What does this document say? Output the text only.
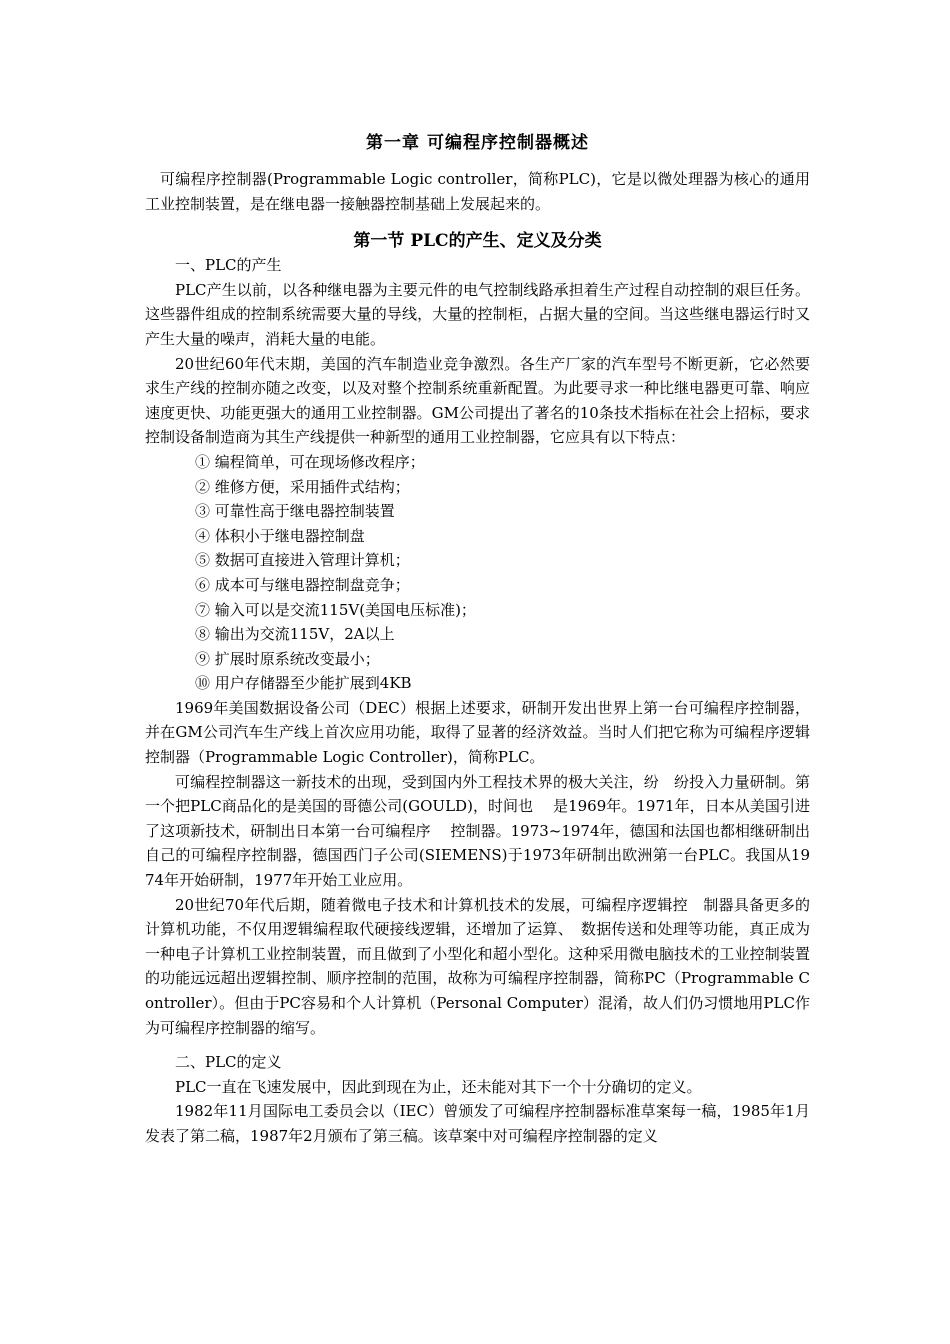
第一章 可编程序控制器概述

可编程序控制器(Programmable Logic controller，简称PLC)，它是以微处理器为核心的通用工业控制装置，是在继电器一接触器控制基础上发展起来的。

第一节 PLC的产生、定义及分类

一、PLC的产生

PLC产生以前，以各种继电器为主要元件的电气控制线路承担着生产过程自动控制的艰巨任务。这些器件组成的控制系统需要大量的导线，大量的控制柜，占据大量的空间。当这些继电器运行时又产生大量的噪声，消耗大量的电能。

20世纪60年代末期，美国的汽车制造业竞争激烈。各生产厂家的汽车型号不断更新，它必然要求生产线的控制亦随之改变，以及对整个控制系统重新配置。为此要寻求一种比继电器更可靠、响应速度更快、功能更强大的通用工业控制器。GM公司提出了著名的10条技术指标在社会上招标，要求控制设备制造商为其生产线提供一种新型的通用工业控制器，它应具有以下特点：

① 编程简单，可在现场修改程序；
② 维修方便，采用插件式结构；
③ 可靠性高于继电器控制装置
④ 体积小于继电器控制盘
⑤ 数据可直接进入管理计算机；
⑥ 成本可与继电器控制盘竞争；
⑦ 输入可以是交流115V(美国电压标准)；
⑧ 输出为交流115V，2A以上
⑨ 扩展时原系统改变最小；
⑩ 用户存储器至少能扩展到4KB

1969年美国数据设备公司（DEC）根据上述要求，研制开发出世界上第一台可编程序控制器，并在GM公司汽车生产线上首次应用功能，取得了显著的经济效益。当时人们把它称为可编程序逻辑控制器（Programmable Logic Controller)，简称PLC。

可编程控制器这一新技术的出现，受到国内外工程技术界的极大关注，纷　纷投入力量研制。第一个把PLC商品化的是美国的哥德公司(GOULD)，时间也　 是1969年。1971年，日本从美国引进了这项新技术，研制出日本第一台可编程序　 控制器。1973~1974年，德国和法国也都相继研制出自己的可编程序控制器，德国西门子公司(SIEMENS)于1973年研制出欧洲第一台PLC。我国从1974年开始研制，1977年开始工业应用。

20世纪70年代后期，随着微电子技术和计算机技术的发展，可编程序逻辑控　制器具备更多的计算机功能，不仅用逻辑编程取代硬接线逻辑，还增加了运算、　数据传送和处理等功能，真正成为一种电子计算机工业控制装置，而且做到了小型化和超小型化。这种采用微电脑技术的工业控制装置的功能远远超出逻辑控制、顺序控制的范围，故称为可编程序控制器，简称PC（Programmable Controller）。但由于PC容易和个人计算机（Personal Computer）混淆，故人们仍习惯地用PLC作为可编程序控制器的缩写。

二、PLC的定义

PLC一直在飞速发展中，因此到现在为止，还未能对其下一个十分确切的定义。

1982年11月国际电工委员会以（IEC）曾颁发了可编程序控制器标准草案每一稿，1985年1月发表了第二稿，1987年2月颁布了第三稿。该草案中对可编程序控制器的定义
